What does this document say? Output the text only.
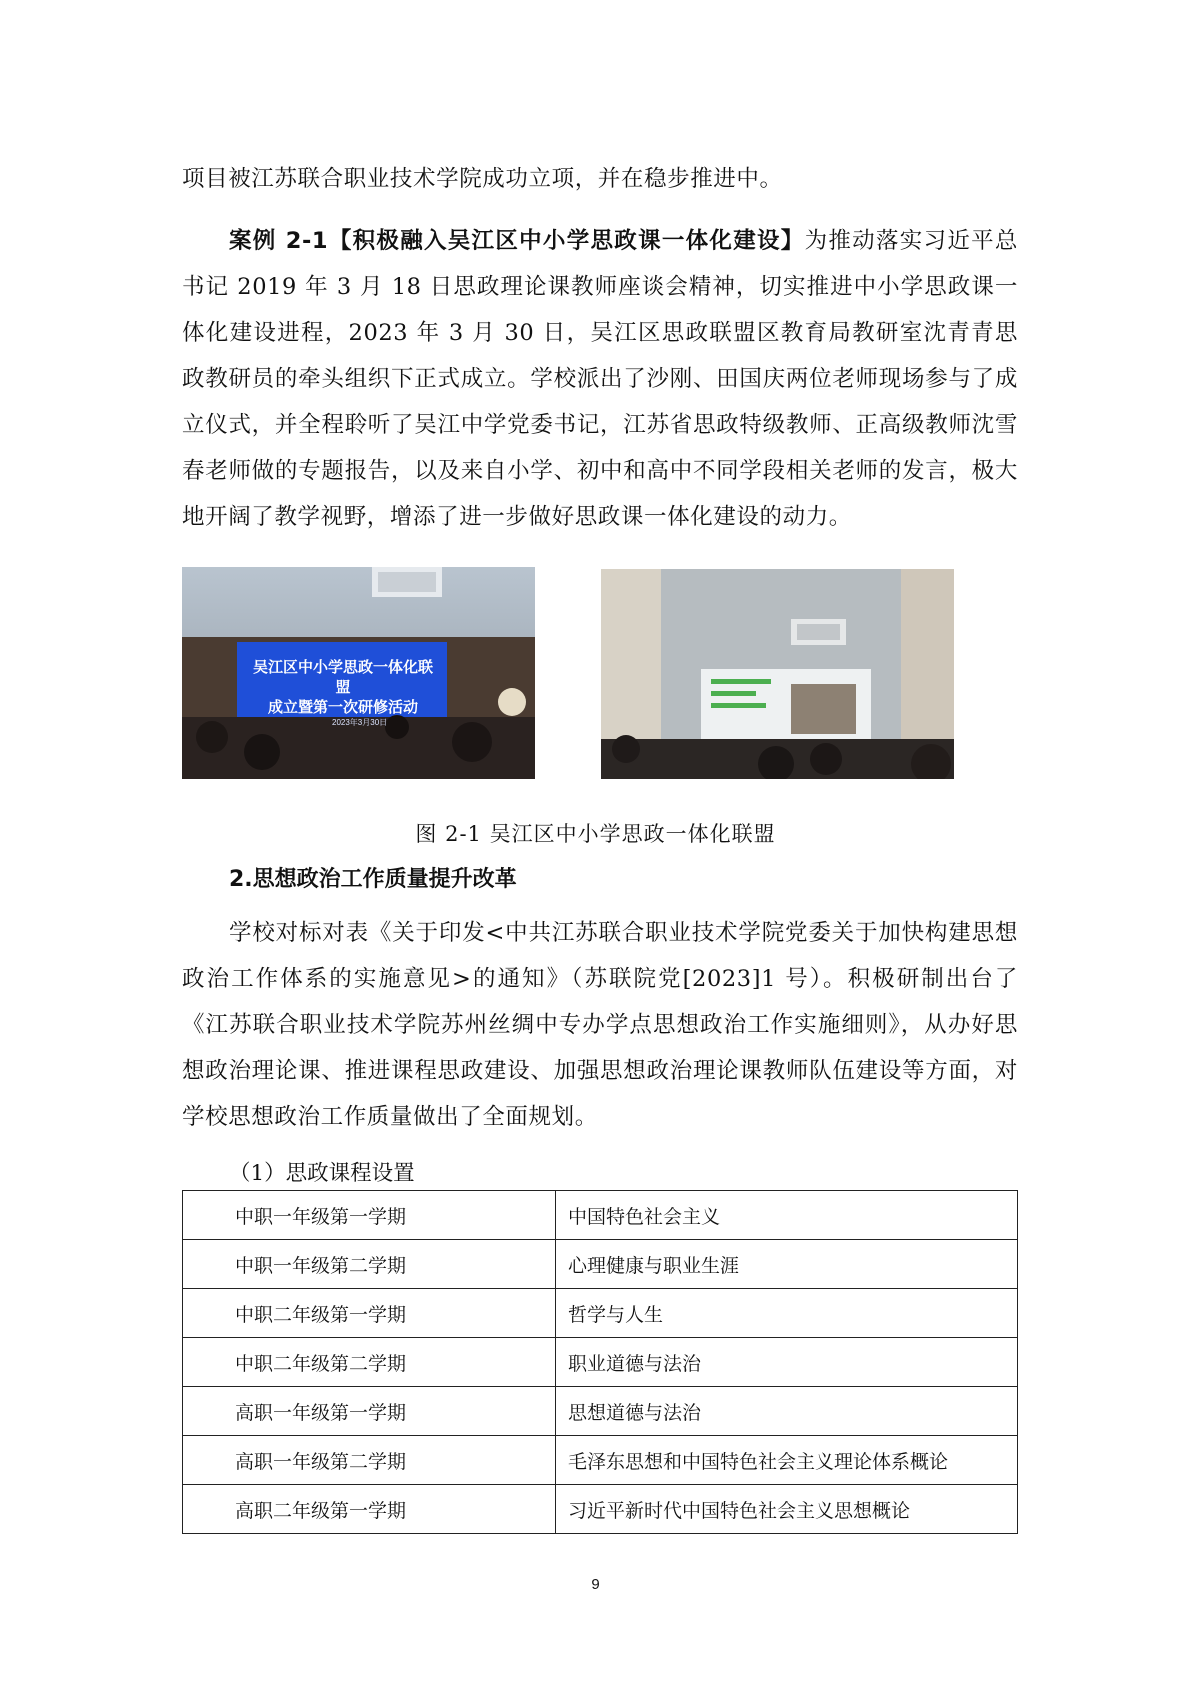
项目被江苏联合职业技术学院成功立项，并在稳步推进中。

案例 2-1【积极融入吴江区中小学思政课一体化建设】为推动落实习近平总书记 2019 年 3 月 18 日思政理论课教师座谈会精神，切实推进中小学思政课一体化建设进程，2023 年 3 月 30 日，吴江区思政联盟区教育局教研室沈青青思政教研员的牵头组织下正式成立。学校派出了沙刚、田国庆两位老师现场参与了成立仪式，并全程聆听了吴江中学党委书记，江苏省思政特级教师、正高级教师沈雪春老师做的专题报告，以及来自小学、初中和高中不同学段相关老师的发言，极大地开阔了教学视野，增添了进一步做好思政课一体化建设的动力。

吴江区中小学思政一体化联盟
成立暨第一次研修活动
2023年3月30日
图 2-1 吴江区中小学思政一体化联盟
2.思想政治工作质量提升改革

学校对标对表《关于印发<中共江苏联合职业技术学院党委关于加快构建思想政治工作体系的实施意见>的通知》（苏联院党[2023]1 号）。积极研制出台了《江苏联合职业技术学院苏州丝绸中专办学点思想政治工作实施细则》，从办好思想政治理论课、推进课程思政建设、加强思想政治理论课教师队伍建设等方面，对学校思想政治工作质量做出了全面规划。

（1）思政课程设置
中职一年级第一学期	中国特色社会主义
中职一年级第二学期	心理健康与职业生涯
中职二年级第一学期	哲学与人生
中职二年级第二学期	职业道德与法治
高职一年级第一学期	思想道德与法治
高职一年级第二学期	毛泽东思想和中国特色社会主义理论体系概论
高职二年级第一学期	习近平新时代中国特色社会主义思想概论
9
